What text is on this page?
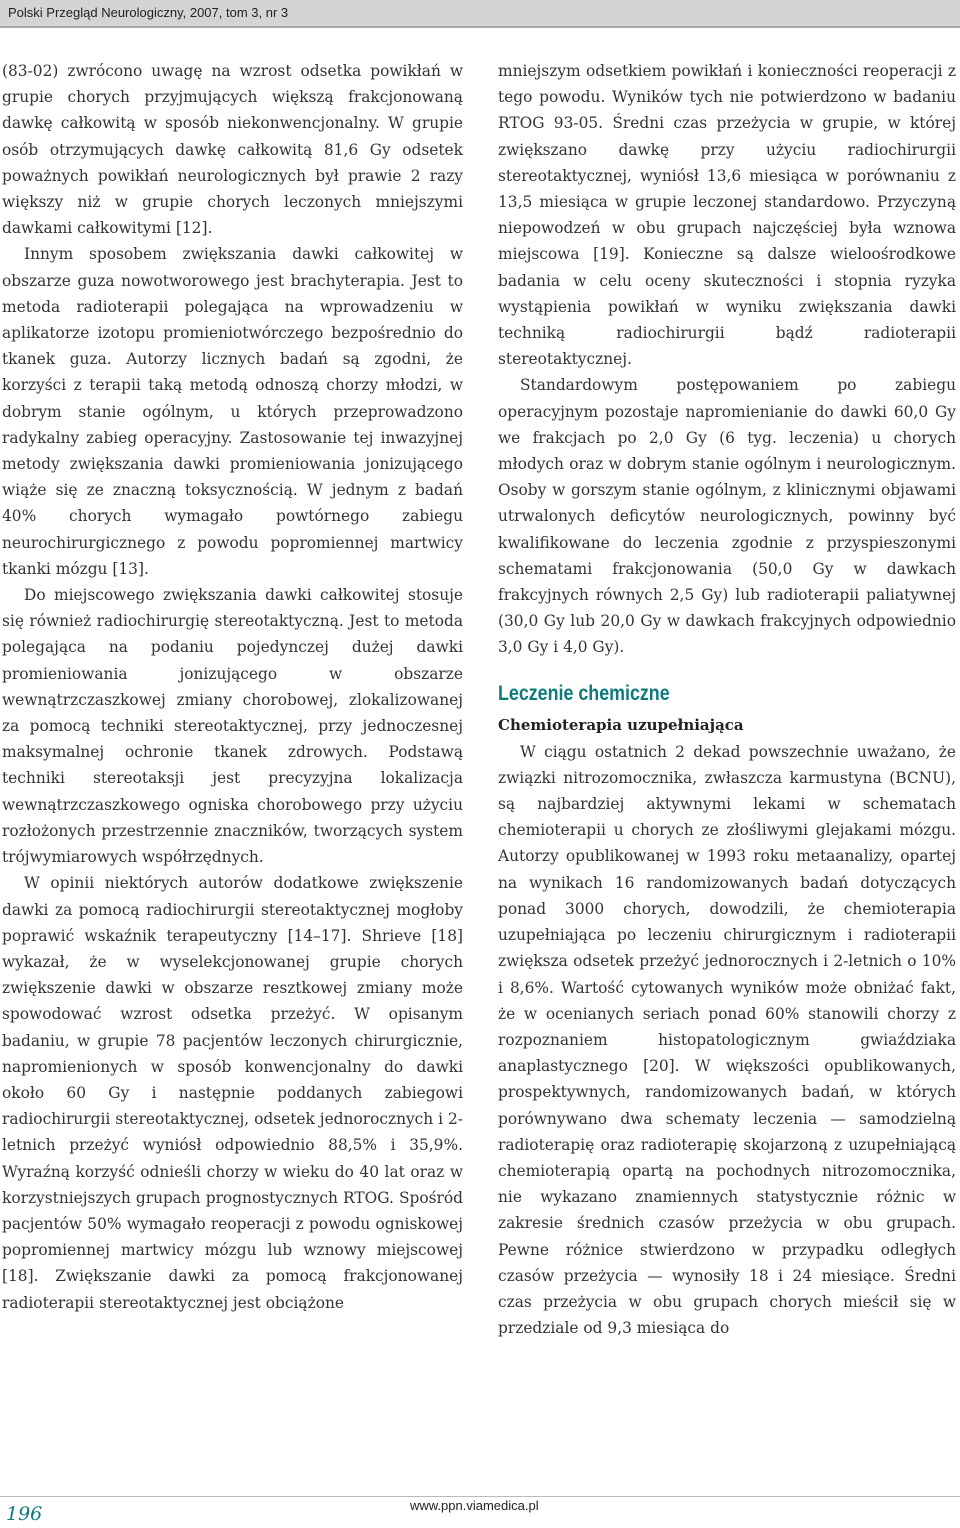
Polski Przegląd Neurologiczny, 2007, tom 3, nr 3

(83-02) zwrócono uwagę na wzrost odsetka powikłań w grupie chorych przyjmujących większą frakcjonowaną dawkę całkowitą w sposób niekonwencjonalny. W grupie osób otrzymujących dawkę całkowitą 81,6 Gy odsetek poważnych powikłań neurologicznych był prawie 2 razy większy niż w grupie chorych leczonych mniejszymi dawkami całkowitymi [12].

Innym sposobem zwiększania dawki całkowitej w obszarze guza nowotworowego jest brachyterapia. Jest to metoda radioterapii polegająca na wprowadzeniu w aplikatorze izotopu promieniotwórczego bezpośrednio do tkanek guza. Autorzy licznych badań są zgodni, że korzyści z terapii taką metodą odnoszą chorzy młodzi, w dobrym stanie ogólnym, u których przeprowadzono radykalny zabieg operacyjny. Zastosowanie tej inwazyjnej metody zwiększania dawki promieniowania jonizującego wiąże się ze znaczną toksycznością. W jednym z badań 40% chorych wymagało powtórnego zabiegu neurochirurgicznego z powodu popromiennej martwicy tkanki mózgu [13].

Do miejscowego zwiększania dawki całkowitej stosuje się również radiochirurgię stereotaktyczną. Jest to metoda polegająca na podaniu pojedynczej dużej dawki promieniowania jonizującego w obszarze wewnątrzczaszkowej zmiany chorobowej, zlokalizowanej za pomocą techniki stereotaktycznej, przy jednoczesnej maksymalnej ochronie tkanek zdrowych. Podstawą techniki stereotaksji jest precyzyjna lokalizacja wewnątrzczaszkowego ogniska chorobowego przy użyciu rozłożonych przestrzennie znaczników, tworzących system trójwymiarowych współrzędnych.

W opinii niektórych autorów dodatkowe zwiększenie dawki za pomocą radiochirurgii stereotaktycznej mogłoby poprawić wskaźnik terapeutyczny [14–17]. Shrieve [18] wykazał, że w wyselekcjonowanej grupie chorych zwiększenie dawki w obszarze resztkowej zmiany może spowodować wzrost odsetka przeżyć. W opisanym badaniu, w grupie 78 pacjentów leczonych chirurgicznie, napromienionych w sposób konwencjonalny do dawki około 60 Gy i następnie poddanych zabiegowi radiochirurgii stereotaktycznej, odsetek jednorocznych i 2-letnich przeżyć wyniósł odpowiednio 88,5% i 35,9%. Wyraźną korzyść odnieśli chorzy w wieku do 40 lat oraz w korzystniejszych grupach prognostycznych RTOG. Spośród pacjentów 50% wymagało reoperacji z powodu ogniskowej popromiennej martwicy mózgu lub wznowy miejscowej [18]. Zwiększanie dawki za pomocą frakcjonowanej radioterapii stereotaktycznej jest obciążone

mniejszym odsetkiem powikłań i konieczności reoperacji z tego powodu. Wyników tych nie potwierdzono w badaniu RTOG 93-05. Średni czas przeżycia w grupie, w której zwiększano dawkę przy użyciu radiochirurgii stereotaktycznej, wyniósł 13,6 miesiąca w porównaniu z 13,5 miesiąca w grupie leczonej standardowo. Przyczyną niepowodzeń w obu grupach najczęściej była wznowa miejscowa [19]. Konieczne są dalsze wieloośrodkowe badania w celu oceny skuteczności i stopnia ryzyka wystąpienia powikłań w wyniku zwiększania dawki techniką radiochirurgii bądź radioterapii stereotaktycznej.

Standardowym postępowaniem po zabiegu operacyjnym pozostaje napromienianie do dawki 60,0 Gy we frakcjach po 2,0 Gy (6 tyg. leczenia) u chorych młodych oraz w dobrym stanie ogólnym i neurologicznym. Osoby w gorszym stanie ogólnym, z klinicznymi objawami utrwalonych deficytów neurologicznych, powinny być kwalifikowane do leczenia zgodnie z przyspieszonymi schematami frakcjonowania (50,0 Gy w dawkach frakcyjnych równych 2,5 Gy) lub radioterapii paliatywnej (30,0 Gy lub 20,0 Gy w dawkach frakcyjnych odpowiednio 3,0 Gy i 4,0 Gy).

Leczenie chemiczne
Chemioterapia uzupełniająca

W ciągu ostatnich 2 dekad powszechnie uważano, że związki nitrozomocznika, zwłaszcza karmustyna (BCNU), są najbardziej aktywnymi lekami w schematach chemioterapii u chorych ze złośliwymi glejakami mózgu. Autorzy opublikowanej w 1993 roku metaanalizy, opartej na wynikach 16 randomizowanych badań dotyczących ponad 3000 chorych, dowodzili, że chemioterapia uzupełniająca po leczeniu chirurgicznym i radioterapii zwiększa odsetek przeżyć jednorocznych i 2-letnich o 10% i 8,6%. Wartość cytowanych wyników może obniżać fakt, że w ocenianych seriach ponad 60% stanowili chorzy z rozpoznaniem histopatologicznym gwiaździaka anaplastycznego [20]. W większości opublikowanych, prospektywnych, randomizowanych badań, w których porównywano dwa schematy leczenia — samodzielną radioterapię oraz radioterapię skojarzoną z uzupełniającą chemioterapią opartą na pochodnych nitrozomocznika, nie wykazano znamiennych statystycznie różnic w zakresie średnich czasów przeżycia w obu grupach. Pewne różnice stwierdzono w przypadku odległych czasów przeżycia — wynosiły 18 i 24 miesiące. Średni czas przeżycia w obu grupach chorych mieścił się w przedziale od 9,3 miesiąca do

196	www.ppn.viamedica.pl
